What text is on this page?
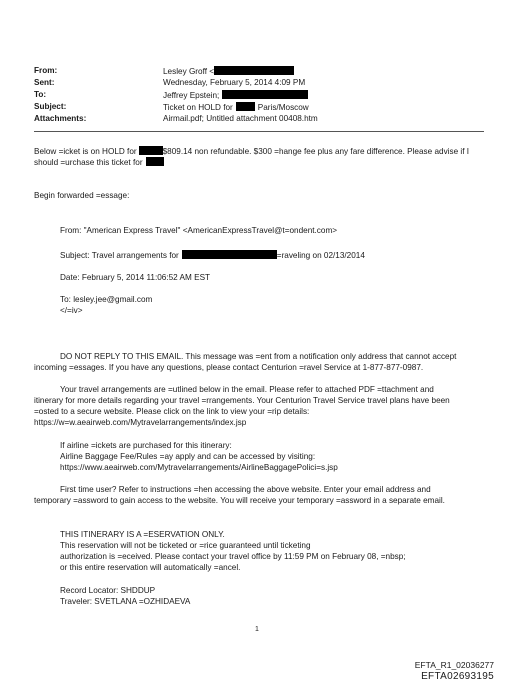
From:	Lesley Groff <
Sent:	Wednesday, February 5, 2014 4:09 PM
To:	Jeffrey Epstein;
Subject:	Ticket on HOLD for	Paris/Moscow
Attachments:	Airmail.pdf; Untitled attachment 00408.htm
Below =icket is on HOLD for	$809.14 non refundable. $300 =hange fee plus any fare difference. Please advise if I
should =urchase this ticket for
Begin forwarded =essage:
From: "American Express Travel" <AmericanExpressTravel@t=ondent.com>
Subject: Travel arrangements for	=raveling on 02/13/2014
Date: February 5, 2014 11:06:52 AM EST
To: lesley.jee@gmail.com
</=iv>
DO NOT REPLY TO THIS EMAIL. This message was =ent from a notification only address that cannot accept
incoming =essages. If you have any questions, please contact Centurion =ravel Service at 1-877-877-0987.
Your travel arrangements are =utlined below in the email. Please refer to attached PDF =ttachment and
itinerary for more details regarding your travel =rrangements. Your Centurion Travel Service travel plans have been
=osted to a secure website. Please click on the link to view your =rip details:
https://w=w.aeairweb.com/Mytravelarrangements/index.jsp
If airline =ickets are purchased for this itinerary:
Airline Baggage Fee/Rules =ay apply and can be accessed by visiting:
https://www.aeairweb.com/Mytravelarrangements/AirlineBaggagePolici=s.jsp
First time user? Refer to instructions =hen accessing the above website. Enter your email address and
temporary =assword to gain access to the website. You will receive your temporary =assword in a separate email.
THIS ITINERARY IS A =ESERVATION ONLY.
This reservation will not be ticketed or =rice guaranteed until ticketing
authorization is =eceived. Please contact your travel office by 11:59 PM on February 08, =nbsp;
or this entire reservation will automatically =ancel.
Record Locator: SHDDUP
Traveler: SVETLANA =OZHIDAEVA
1
EFTA_R1_02036277
EFTA02693195
